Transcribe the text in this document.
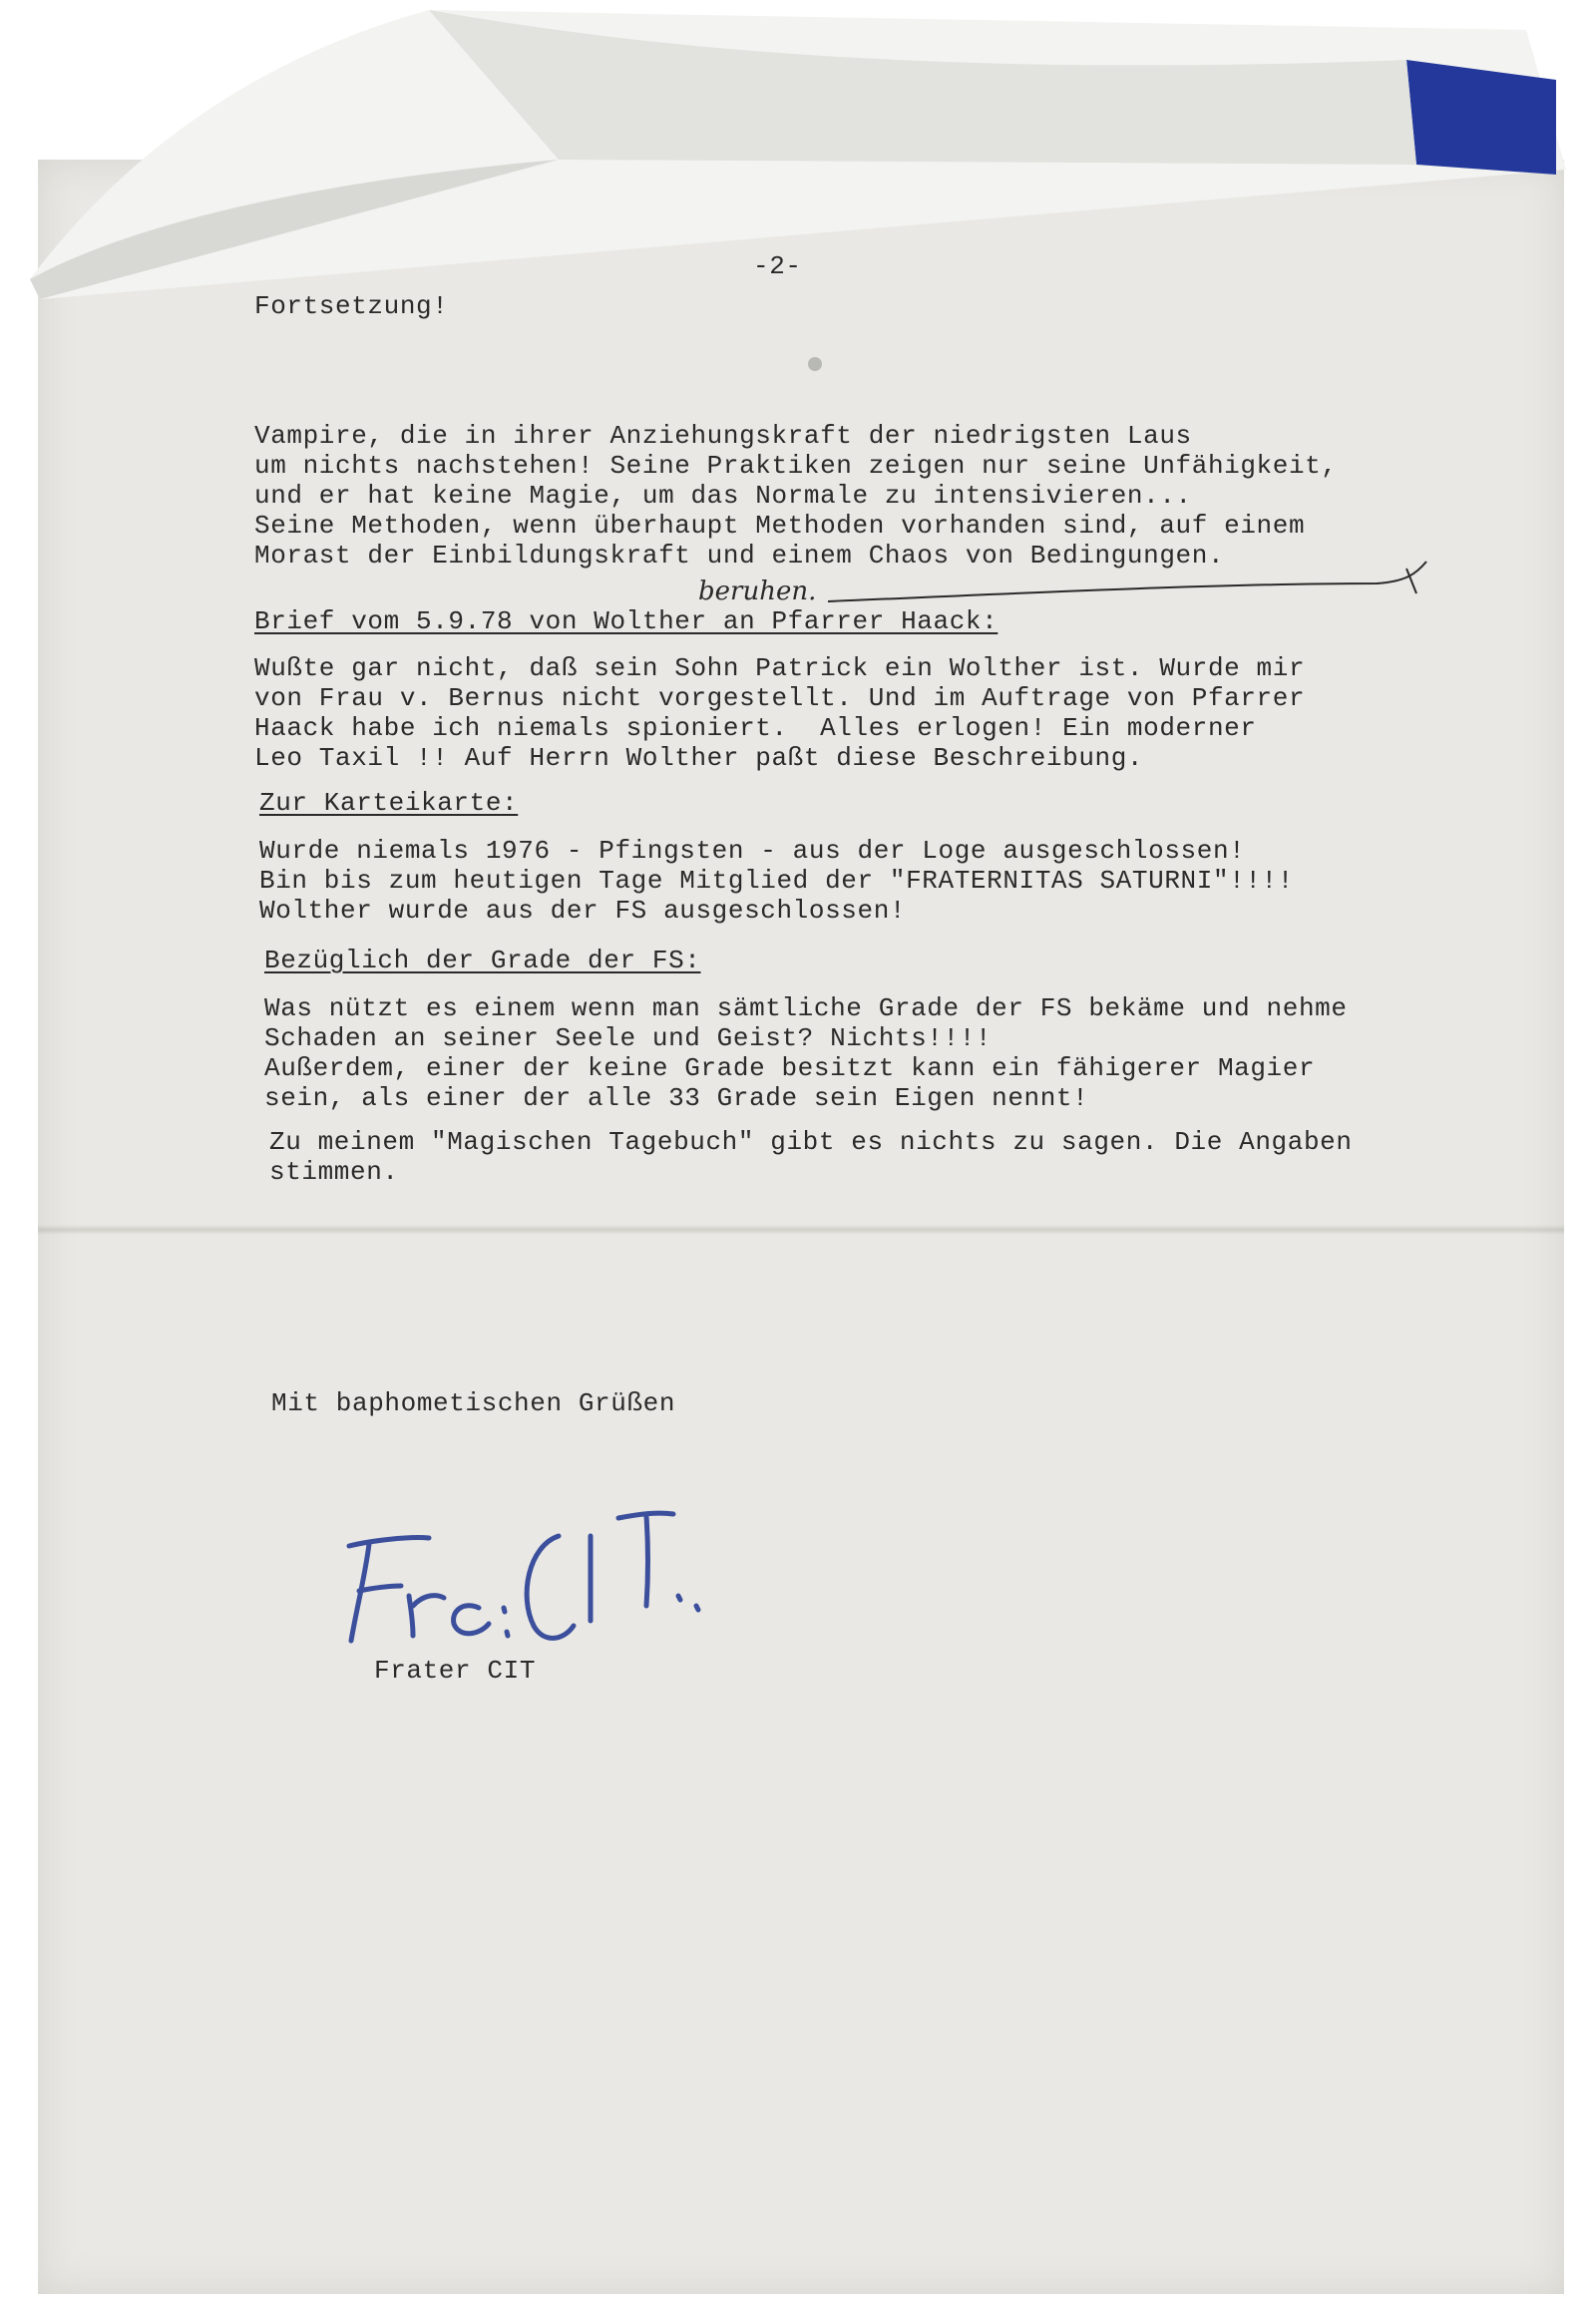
-2-

Fortsetzung!

Vampire, die in ihrer Anziehungskraft der niedrigsten Laus

um nichts nachstehen! Seine Praktiken zeigen nur seine Unfähigkeit,

und er hat keine Magie, um das Normale zu intensivieren...

Seine Methoden, wenn überhaupt Methoden vorhanden sind, auf einem

Morast der Einbildungskraft und einem Chaos von Bedingungen.

beruhen.

Brief vom 5.9.78 von Wolther an Pfarrer Haack:

Wußte gar nicht, daß sein Sohn Patrick ein Wolther ist. Wurde mir

von Frau v. Bernus nicht vorgestellt. Und im Auftrage von Pfarrer

Haack habe ich niemals spioniert.  Alles erlogen! Ein moderner

Leo Taxil !! Auf Herrn Wolther paßt diese Beschreibung.

Zur Karteikarte:

Wurde niemals 1976 - Pfingsten - aus der Loge ausgeschlossen!

Bin bis zum heutigen Tage Mitglied der "FRATERNITAS SATURNI"!!!!

Wolther wurde aus der FS ausgeschlossen!

Bezüglich der Grade der FS:

Was nützt es einem wenn man sämtliche Grade der FS bekäme und nehme

Schaden an seiner Seele und Geist? Nichts!!!!

Außerdem, einer der keine Grade besitzt kann ein fähigerer Magier

sein, als einer der alle 33 Grade sein Eigen nennt!

Zu meinem "Magischen Tagebuch" gibt es nichts zu sagen. Die Angaben

stimmen.

Mit baphometischen Grüßen

Frater CIT
